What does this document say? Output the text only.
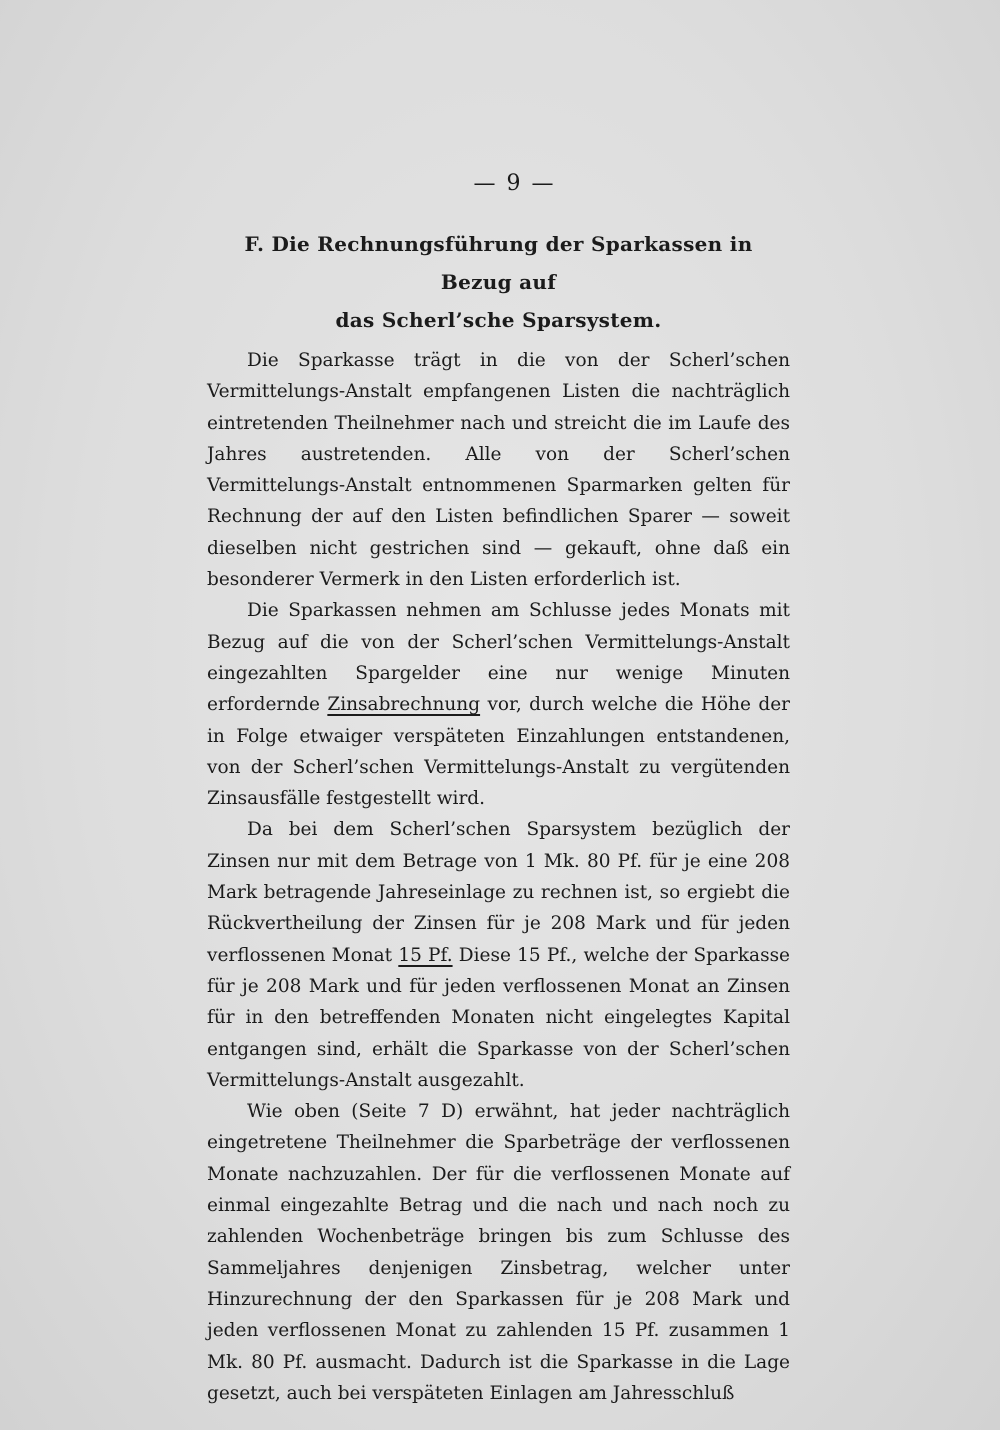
— 9 —
F. Die Rechnungsführung der Sparkassen in Bezug auf
das Scherl’sche Sparsystem.

Die Sparkasse trägt in die von der Scherl’schen Vermittelungs-Anstalt empfangenen Listen die nachträglich eintretenden Theilnehmer nach und streicht die im Laufe des Jahres austretenden. Alle von der Scherl’schen Vermittelungs-Anstalt entnommenen Sparmarken gelten für Rechnung der auf den Listen befindlichen Sparer — soweit dieselben nicht gestrichen sind — gekauft, ohne daß ein besonderer Vermerk in den Listen erforderlich ist.

Die Sparkassen nehmen am Schlusse jedes Monats mit Bezug auf die von der Scherl’schen Vermittelungs-Anstalt eingezahlten Spargelder eine nur wenige Minuten erfordernde Zinsabrechnung vor, durch welche die Höhe der in Folge etwaiger verspäteten Einzahlungen entstandenen, von der Scherl’schen Vermittelungs-Anstalt zu vergütenden Zinsausfälle festgestellt wird.

Da bei dem Scherl’schen Sparsystem bezüglich der Zinsen nur mit dem Betrage von 1 Mk. 80 Pf. für je eine 208 Mark betragende Jahreseinlage zu rechnen ist, so ergiebt die Rückvertheilung der Zinsen für je 208 Mark und für jeden verflossenen Monat 15 Pf. Diese 15 Pf., welche der Sparkasse für je 208 Mark und für jeden verflossenen Monat an Zinsen für in den betreffenden Monaten nicht eingelegtes Kapital entgangen sind, erhält die Sparkasse von der Scherl’schen Vermittelungs-Anstalt ausgezahlt.

Wie oben (Seite 7 D) erwähnt, hat jeder nachträglich eingetretene Theilnehmer die Sparbeträge der verflossenen Monate nachzuzahlen. Der für die verflossenen Monate auf einmal eingezahlte Betrag und die nach und nach noch zu zahlenden Wochenbeträge bringen bis zum Schlusse des Sammeljahres denjenigen Zinsbetrag, welcher unter Hinzurechnung der den Sparkassen für je 208 Mark und jeden verflossenen Monat zu zahlenden 15 Pf. zusammen 1 Mk. 80 Pf. ausmacht. Dadurch ist die Sparkasse in die Lage gesetzt, auch bei verspäteten Einlagen am Jahresschluß
